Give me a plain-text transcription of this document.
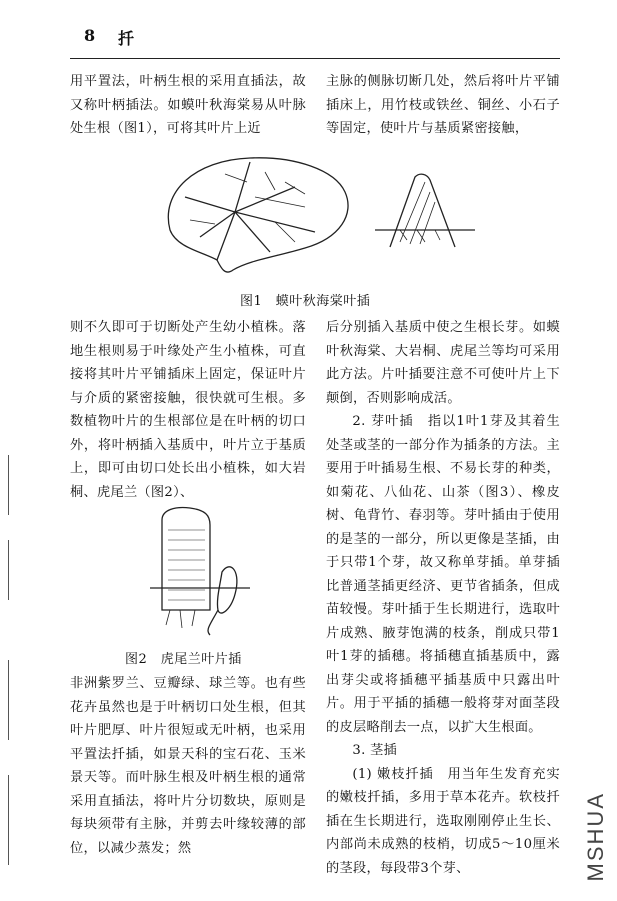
8 扦

用平置法，叶柄生根的采用直插法，故又称叶柄插法。如蟆叶秋海棠易从叶脉处生根（图1），可将其叶片上近

主脉的侧脉切断几处，然后将叶片平铺插床上，用竹枝或铁丝、铜丝、小石子等固定，使叶片与基质紧密接触，

图1　蟆叶秋海棠叶插

则不久即可于切断处产生幼小植株。落地生根则易于叶缘处产生小植株，可直接将其叶片平铺插床上固定，保证叶片与介质的紧密接触，很快就可生根。多数植物叶片的生根部位是在叶柄的切口外，将叶柄插入基质中，叶片立于基质上，即可由切口处长出小植株，如大岩桐、虎尾兰（图2）、

图2　虎尾兰叶片插

非洲紫罗兰、豆瓣绿、球兰等。也有些花卉虽然也是于叶柄切口处生根，但其叶片肥厚、叶片很短或无叶柄，也采用平置法扦插，如景天科的宝石花、玉米景天等。而叶脉生根及叶柄生根的通常采用直插法，将叶片分切数块，原则是每块须带有主脉，并剪去叶缘较薄的部位，以减少蒸发；然

后分别插入基质中使之生根长芽。如蟆叶秋海棠、大岩桐、虎尾兰等均可采用此方法。片叶插要注意不可使叶片上下颠倒，否则影响成活。

2. 芽叶插　指以1叶1芽及其着生处茎或茎的一部分作为插条的方法。主要用于叶插易生根、不易长芽的种类，如菊花、八仙花、山茶（图3）、橡皮树、龟背竹、春羽等。芽叶插由于使用的是茎的一部分，所以更像是茎插，由于只带1个芽，故又称单芽插。单芽插比普通茎插更经济、更节省插条，但成苗较慢。芽叶插于生长期进行，选取叶片成熟、腋芽饱满的枝条，削成只带1叶1芽的插穗。将插穗直插基质中，露出芽尖或将插穗平插基质中只露出叶片。用于平插的插穗一般将芽对面茎段的皮层略削去一点，以扩大生根面。

3. 茎插

(1) 嫩枝扦插　用当年生发育充实的嫩枝扦插，多用于草本花卉。软枝扦插在生长期进行，选取刚刚停止生长、内部尚未成熟的枝梢，切成5～10厘米的茎段，每段带3个芽、	MSHUA
